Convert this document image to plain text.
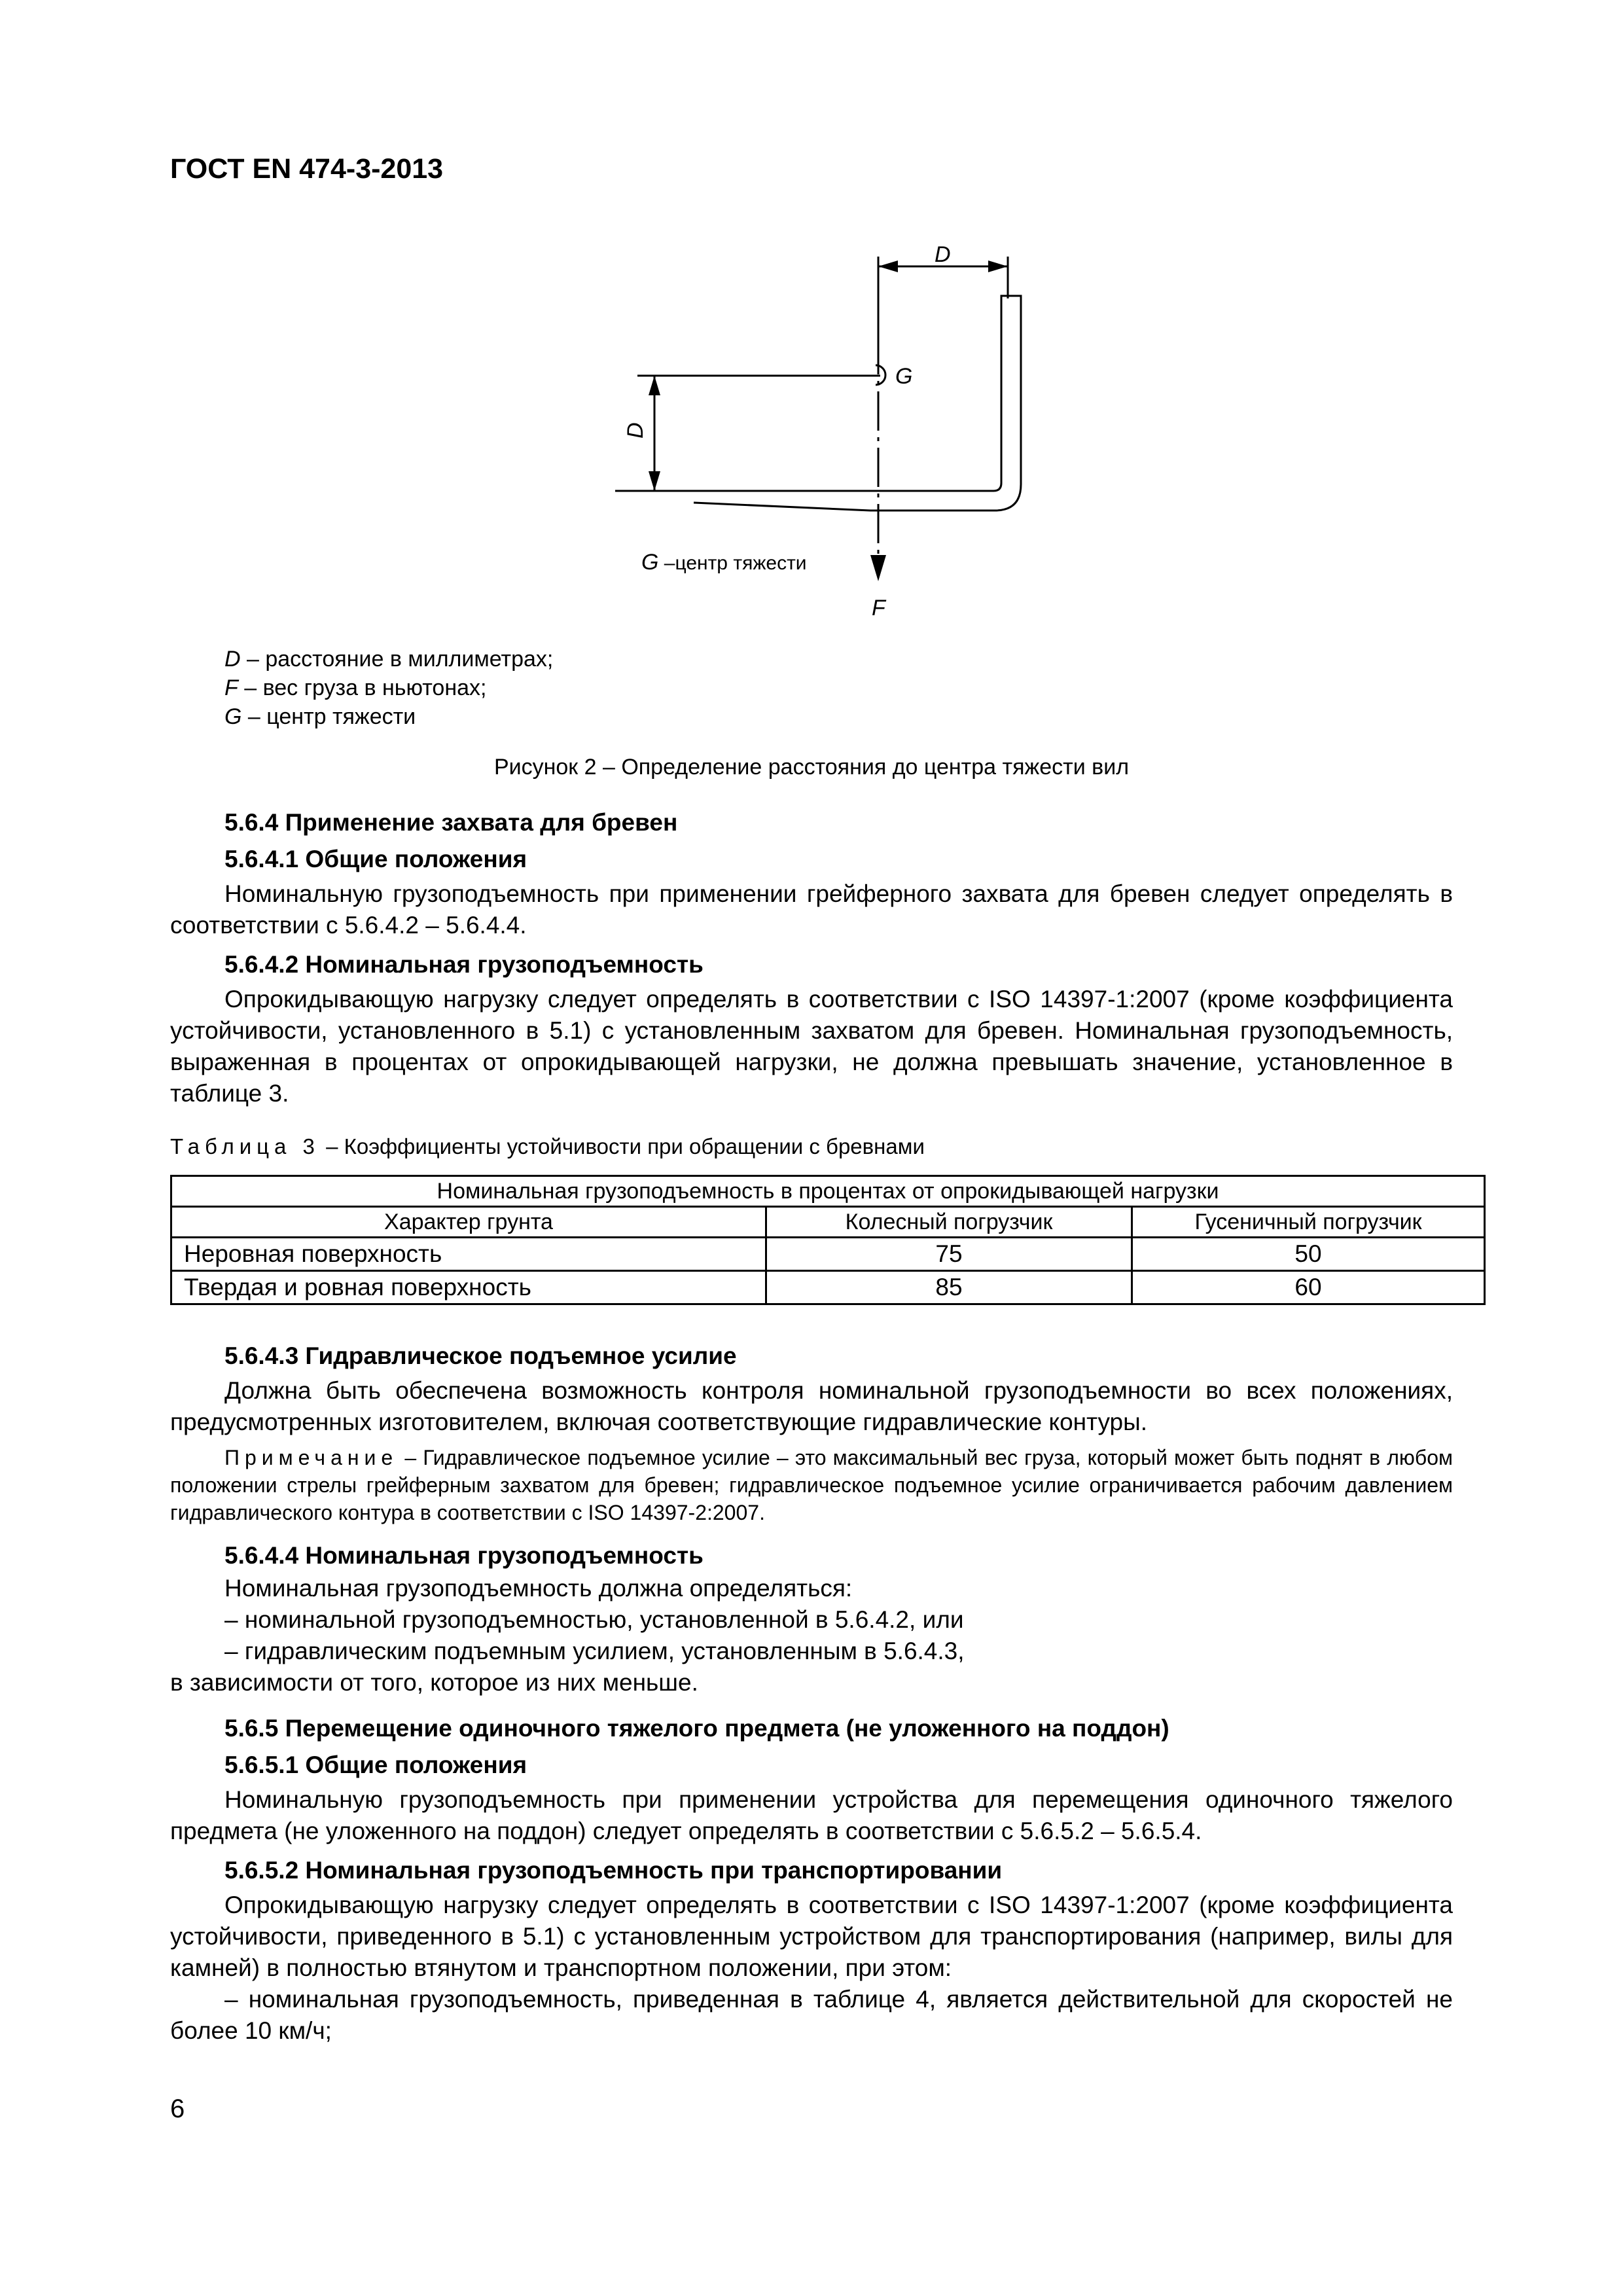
ГОСТ EN 474-3-2013
D
D
G
F
G –центр тяжести
D – расстояние в миллиметрах;
F – вес груза в ньютонах;
G – центр тяжести
Рисунок 2 – Определение расстояния до центра тяжести вил
5.6.4 Применение захвата для бревен
5.6.4.1 Общие положения
Номинальную грузоподъемность при применении грейферного захвата для бревен следует определять в соответствии с 5.6.4.2 – 5.6.4.4.
5.6.4.2 Номинальная грузоподъемность
Опрокидывающую нагрузку следует определять в соответствии с ISO 14397-1:2007 (кроме коэффициента устойчивости, установленного в 5.1) с установленным захватом для бревен. Номинальная грузоподъемность, выраженная в процентах от опрокидывающей нагрузки, не должна превышать значение, установленное в таблице 3.
Таблица 3 – Коэффициенты устойчивости при обращении с бревнами
Номинальная грузоподъемность в процентах от опрокидывающей нагрузки		
Характер грунта	Колесный погрузчик	Гусеничный погрузчик
Неровная поверхность	75	50
Твердая и ровная поверхность	85	60
5.6.4.3 Гидравлическое подъемное усилие
Должна быть обеспечена возможность контроля номинальной грузоподъемности во всех положениях, предусмотренных изготовителем, включая соответствующие гидравлические контуры.
Примечание – Гидравлическое подъемное усилие – это максимальный вес груза, который может быть поднят в любом положении стрелы грейферным захватом для бревен; гидравлическое подъемное усилие ограничивается рабочим давлением гидравлического контура в соответствии с ISO 14397-2:2007.
5.6.4.4 Номинальная грузоподъемность
Номинальная грузоподъемность должна определяться:
– номинальной грузоподъемностью, установленной в 5.6.4.2, или
– гидравлическим подъемным усилием, установленным в 5.6.4.3,
в зависимости от того, которое из них меньше.
5.6.5 Перемещение одиночного тяжелого предмета (не уложенного на поддон)
5.6.5.1 Общие положения
Номинальную грузоподъемность при применении устройства для перемещения одиночного тяжелого предмета (не уложенного на поддон) следует определять в соответствии с 5.6.5.2 – 5.6.5.4.
5.6.5.2 Номинальная грузоподъемность при транспортировании
Опрокидывающую нагрузку следует определять в соответствии с ISO 14397-1:2007 (кроме коэффициента устойчивости, приведенного в 5.1) с установленным устройством для транспортирования (например, вилы для камней) в полностью втянутом и транспортном положении, при этом:
– номинальная грузоподъемность, приведенная в таблице 4, является действительной для скоростей не более 10 км/ч;
6
